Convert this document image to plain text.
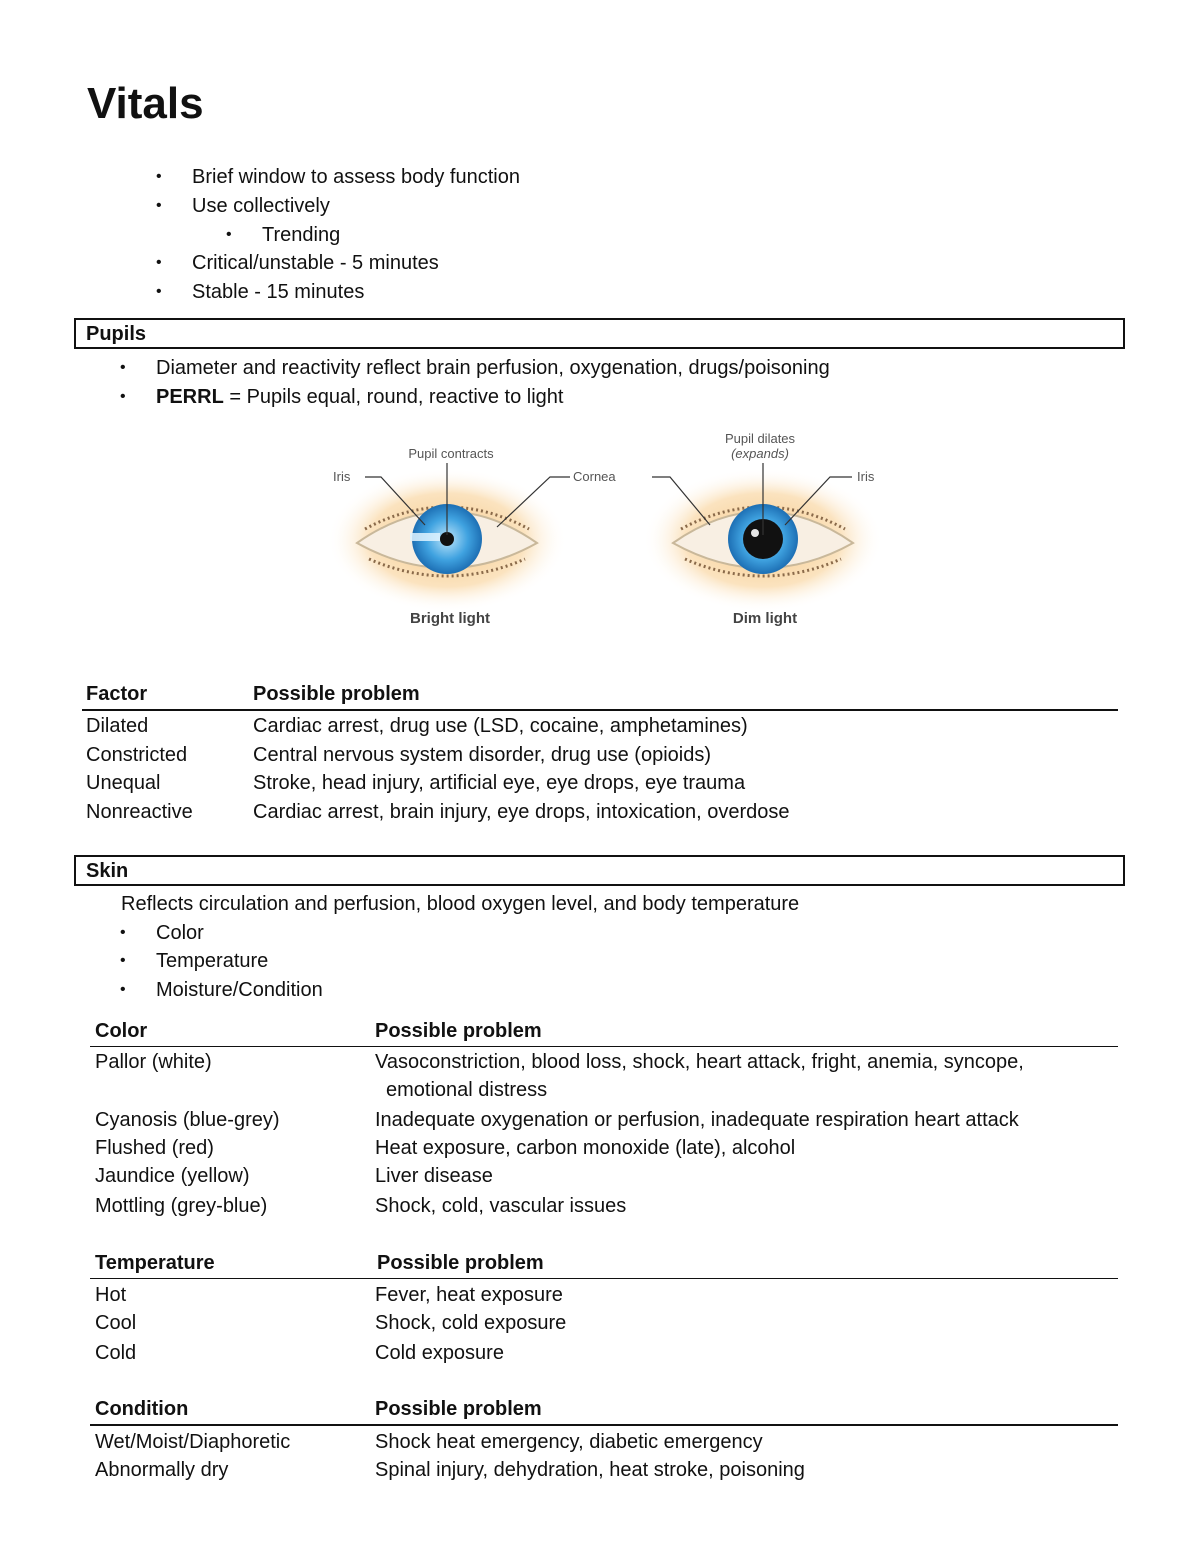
Vitals
• Brief window to assess body function
• Use collectively
• Trending
• Critical/unstable - 5 minutes
• Stable - 15 minutes
Pupils
• Diameter and reactivity reflect brain perfusion, oxygenation, drugs/poisoning
• PERRL = Pupils equal, round, reactive to light
Pupil contracts
Pupil dilates
(expands)
Iris	Cornea	Iris
Bright light	Dim light
Factor	Possible problem
Dilated	Cardiac arrest, drug use (LSD, cocaine, amphetamines)
Constricted	Central nervous system disorder, drug use (opioids)
Unequal	Stroke, head injury, artificial eye, eye drops, eye trauma
Nonreactive	Cardiac arrest, brain injury, eye drops, intoxication, overdose
Skin
Reflects circulation and perfusion, blood oxygen level, and body temperature
• Color
• Temperature
• Moisture/Condition
Color	Possible problem
Pallor (white)	Vasoconstriction, blood loss, shock, heart attack, fright, anemia, syncope,
emotional distress
Cyanosis (blue-grey)	Inadequate oxygenation or perfusion, inadequate respiration heart attack
Flushed (red)	Heat exposure, carbon monoxide (late), alcohol
Jaundice (yellow)	Liver disease
Mottling (grey-blue)	Shock, cold, vascular issues
Temperature	Possible problem
Hot	Fever, heat exposure
Cool	Shock, cold exposure
Cold	Cold exposure
Condition	Possible problem
Wet/Moist/Diaphoretic	Shock heat emergency, diabetic emergency
Abnormally dry	Spinal injury, dehydration, heat stroke, poisoning
